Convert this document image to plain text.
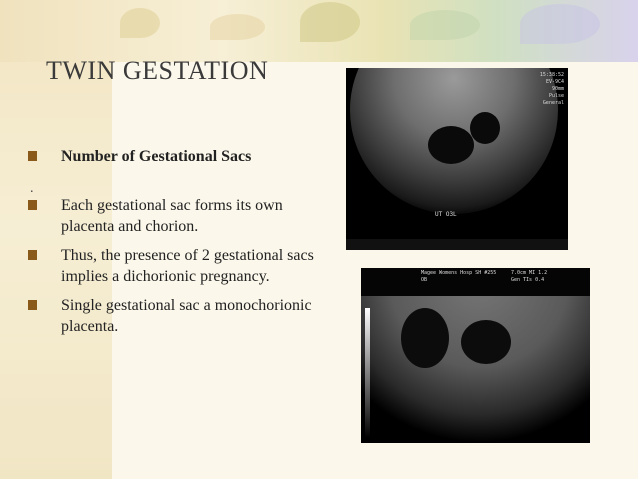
TWIN GESTATION
.
Number of Gestational Sacs
Each gestational sac forms its own placenta and chorion.
Thus, the presence of 2 gestational sacs implies a dichorionic pregnancy.
Single gestational sac a monochorionic placenta.
15:38:52
EV-9C4
90mm
Pulse
General
UT O3L
Magee Womens Hosp SH #255
OB
7.0cm MI 1.2
Gen TIs 0.4
